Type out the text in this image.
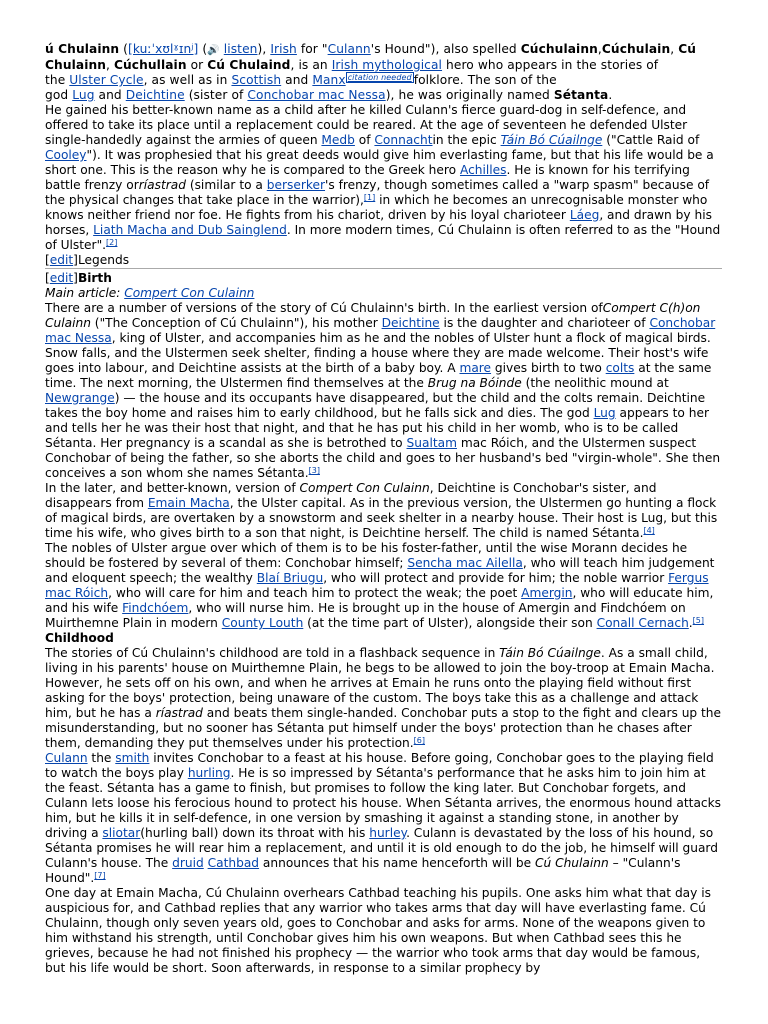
ú Chulainn ([kuːˈxʊlˠɪnʲ] (🔊 listen), Irish for "Culann's Hound"), also spelled Cúchulainn,Cúchulain, Cú Chulainn, Cúchullain or Cú Chulaind, is an Irish mythological hero who appears in the stories of
the Ulster Cycle, as well as in Scottish and Manx $^{citation needed}$ folklore. The son of the
god Lug and Deichtine (sister of Conchobar mac Nessa), he was originally named Sétanta.

He gained his better-known name as a child after he killed Culann's fierce guard-dog in self-defence, and offered to take its place until a replacement could be reared. At the age of seventeen he defended Ulster single-handedly against the armies of queen Medb of Connachtin the epic Táin Bó Cúailnge ("Cattle Raid of Cooley"). It was prophesied that his great deeds would give him everlasting fame, but that his life would be a short one. This is the reason why he is compared to the Greek hero Achilles. He is known for his terrifying battle frenzy orríastrad (similar to a berserker's frenzy, though sometimes called a "warp spasm" because of the physical changes that take place in the warrior),[1] in which he becomes an unrecognisable monster who knows neither friend nor foe. He fights from his chariot, driven by his loyal charioteer Láeg, and drawn by his horses, Liath Macha and Dub Sainglend. In more modern times, Cú Chulainn is often referred to as the "Hound of Ulster".[2]

[edit]Legends

[edit]Birth

Main article: Compert Con Culainn

There are a number of versions of the story of Cú Chulainn's birth. In the earliest version ofCompert C(h)on Culainn ("The Conception of Cú Chulainn"), his mother Deichtine is the daughter and charioteer of Conchobar mac Nessa, king of Ulster, and accompanies him as he and the nobles of Ulster hunt a flock of magical birds. Snow falls, and the Ulstermen seek shelter, finding a house where they are made welcome. Their host's wife goes into labour, and Deichtine assists at the birth of a baby boy. A mare gives birth to two colts at the same time. The next morning, the Ulstermen find themselves at the Brug na Bóinde (the neolithic mound at Newgrange) — the house and its occupants have disappeared, but the child and the colts remain. Deichtine takes the boy home and raises him to early childhood, but he falls sick and dies. The god Lug appears to her and tells her he was their host that night, and that he has put his child in her womb, who is to be called Sétanta. Her pregnancy is a scandal as she is betrothed to Sualtam mac Róich, and the Ulstermen suspect Conchobar of being the father, so she aborts the child and goes to her husband's bed "virgin-whole". She then conceives a son whom she names Sétanta.[3]

In the later, and better-known, version of Compert Con Culainn, Deichtine is Conchobar's sister, and disappears from Emain Macha, the Ulster capital. As in the previous version, the Ulstermen go hunting a flock of magical birds, are overtaken by a snowstorm and seek shelter in a nearby house. Their host is Lug, but this time his wife, who gives birth to a son that night, is Deichtine herself. The child is named Sétanta.[4]

The nobles of Ulster argue over which of them is to be his foster-father, until the wise Morann decides he should be fostered by several of them: Conchobar himself; Sencha mac Ailella, who will teach him judgement and eloquent speech; the wealthy Blaí Briugu, who will protect and provide for him; the noble warrior Fergus mac Róich, who will care for him and teach him to protect the weak; the poet Amergin, who will educate him, and his wife Findchóem, who will nurse him. He is brought up in the house of Amergin and Findchóem on Muirthemne Plain in modern County Louth (at the time part of Ulster), alongside their son Conall Cernach.[5]

Childhood

The stories of Cú Chulainn's childhood are told in a flashback sequence in Táin Bó Cúailnge. As a small child, living in his parents' house on Muirthemne Plain, he begs to be allowed to join the boy-troop at Emain Macha. However, he sets off on his own, and when he arrives at Emain he runs onto the playing field without first asking for the boys' protection, being unaware of the custom. The boys take this as a challenge and attack him, but he has a ríastrad and beats them single-handed. Conchobar puts a stop to the fight and clears up the misunderstanding, but no sooner has Sétanta put himself under the boys' protection than he chases after them, demanding they put themselves under his protection.[6]

Culann the smith invites Conchobar to a feast at his house. Before going, Conchobar goes to the playing field to watch the boys play hurling. He is so impressed by Sétanta's performance that he asks him to join him at the feast. Sétanta has a game to finish, but promises to follow the king later. But Conchobar forgets, and Culann lets loose his ferocious hound to protect his house. When Sétanta arrives, the enormous hound attacks him, but he kills it in self-defence, in one version by smashing it against a standing stone, in another by driving a sliotar(hurling ball) down its throat with his hurley. Culann is devastated by the loss of his hound, so Sétanta promises he will rear him a replacement, and until it is old enough to do the job, he himself will guard Culann's house. The druid Cathbad announces that his name henceforth will be Cú Chulainn – "Culann's Hound".[7]

One day at Emain Macha, Cú Chulainn overhears Cathbad teaching his pupils. One asks him what that day is auspicious for, and Cathbad replies that any warrior who takes arms that day will have everlasting fame. Cú Chulainn, though only seven years old, goes to Conchobar and asks for arms. None of the weapons given to him withstand his strength, until Conchobar gives him his own weapons. But when Cathbad sees this he grieves, because he had not finished his prophecy — the warrior who took arms that day would be famous, but his life would be short. Soon afterwards, in response to a similar prophecy by
